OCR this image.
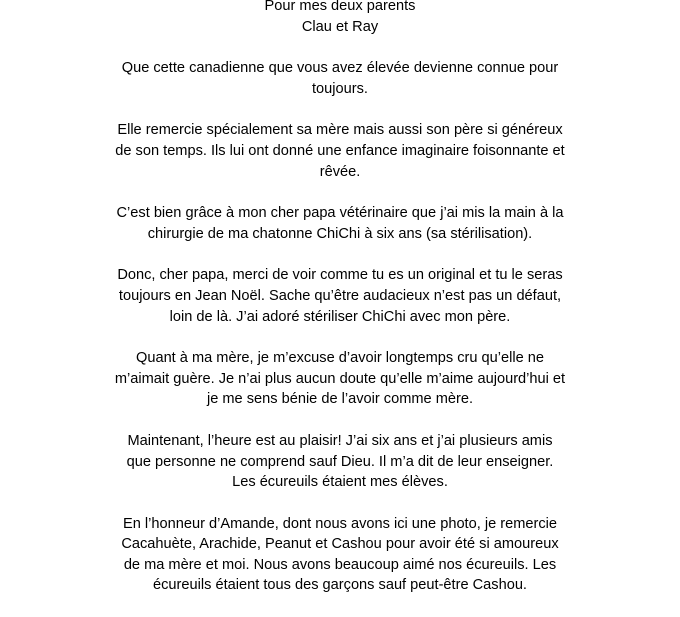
Pour mes deux parents
Clau et Ray
Que cette canadienne que vous avez élevée devienne connue pour
toujours.
Elle remercie spécialement sa mère mais aussi son père si généreux
de son temps. Ils lui ont donné une enfance imaginaire foisonnante et
rêvée.
C’est bien grâce à mon cher papa vétérinaire que j’ai mis la main à la
chirurgie de ma chatonne ChiChi à six ans (sa stérilisation).
Donc, cher papa, merci de voir comme tu es un original et tu le seras
toujours en Jean Noël. Sache qu’être audacieux n’est pas un défaut,
loin de là. J’ai adoré stériliser ChiChi avec mon père.
Quant à ma mère, je m’excuse d’avoir longtemps cru qu’elle ne
m’aimait guère. Je n’ai plus aucun doute qu’elle m’aime aujourd’hui et
je me sens bénie de l’avoir comme mère.
Maintenant, l’heure est au plaisir! J’ai six ans et j’ai plusieurs amis
que personne ne comprend sauf Dieu. Il m’a dit de leur enseigner.
Les écureuils étaient mes élèves.
En l’honneur d’Amande, dont nous avons ici une photo, je remercie
Cacahuète, Arachide, Peanut et Cashou pour avoir été si amoureux
de ma mère et moi. Nous avons beaucoup aimé nos écureuils. Les
écureuils étaient tous des garçons sauf peut-être Cashou.
